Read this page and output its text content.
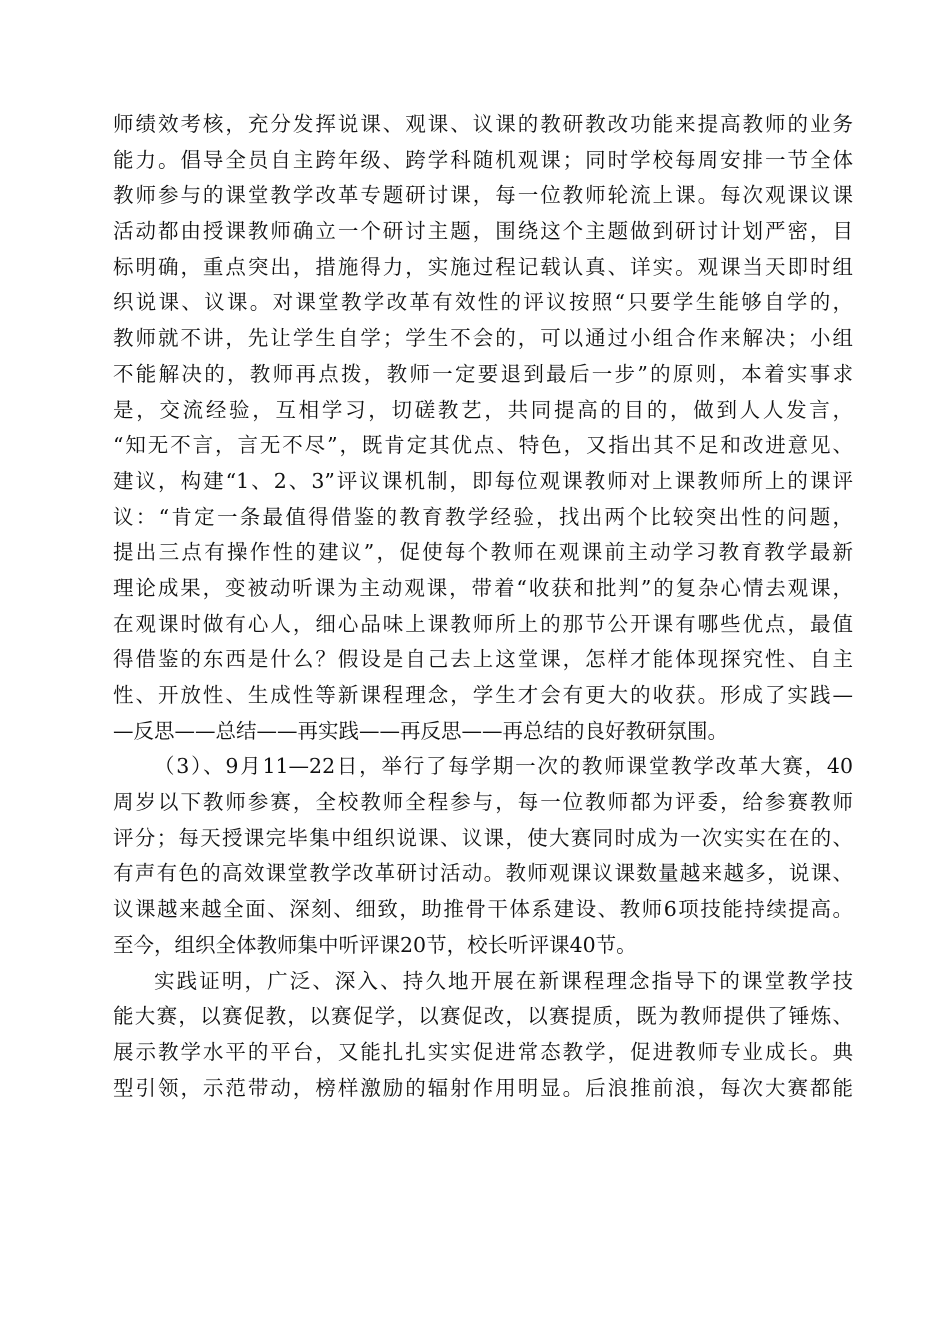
师绩效考核，充分发挥说课、观课、议课的教研教改功能来提高教师的业务
能力。倡导全员自主跨年级、跨学科随机观课；同时学校每周安排一节全体
教师参与的课堂教学改革专题研讨课，每一位教师轮流上课。每次观课议课
活动都由授课教师确立一个研讨主题，围绕这个主题做到研讨计划严密，目
标明确，重点突出，措施得力，实施过程记载认真、详实。观课当天即时组
织说课、议课。对课堂教学改革有效性的评议按照“只要学生能够自学的，
教师就不讲，先让学生自学；学生不会的，可以通过小组合作来解决；小组
不能解决的，教师再点拨，教师一定要退到最后一步”的原则，本着实事求
是，交流经验，互相学习，切磋教艺，共同提高的目的，做到人人发言，
“知无不言，言无不尽”，既肯定其优点、特色，又指出其不足和改进意见、
建议，构建“1、2、3”评议课机制，即每位观课教师对上课教师所上的课评
议：“肯定一条最值得借鉴的教育教学经验，找出两个比较突出性的问题，
提出三点有操作性的建议”，促使每个教师在观课前主动学习教育教学最新
理论成果，变被动听课为主动观课，带着“收获和批判”的复杂心情去观课，
在观课时做有心人，细心品味上课教师所上的那节公开课有哪些优点，最值
得借鉴的东西是什么？假设是自己去上这堂课，怎样才能体现探究性、自主
性、开放性、生成性等新课程理念，学生才会有更大的收获。形成了实践—
—反思——总结——再实践——再反思——再总结的良好教研氛围。
（3）、9月11—22日，举行了每学期一次的教师课堂教学改革大赛，40
周岁以下教师参赛，全校教师全程参与，每一位教师都为评委，给参赛教师
评分；每天授课完毕集中组织说课、议课，使大赛同时成为一次实实在在的、
有声有色的高效课堂教学改革研讨活动。教师观课议课数量越来越多，说课、
议课越来越全面、深刻、细致，助推骨干体系建设、教师6项技能持续提高。
至今，组织全体教师集中听评课20节，校长听评课40节。
实践证明，广泛、深入、持久地开展在新课程理念指导下的课堂教学技
能大赛，以赛促教，以赛促学，以赛促改，以赛提质，既为教师提供了锤炼、
展示教学水平的平台，又能扎扎实实促进常态教学，促进教师专业成长。典
型引领，示范带动，榜样激励的辐射作用明显。后浪推前浪，每次大赛都能
